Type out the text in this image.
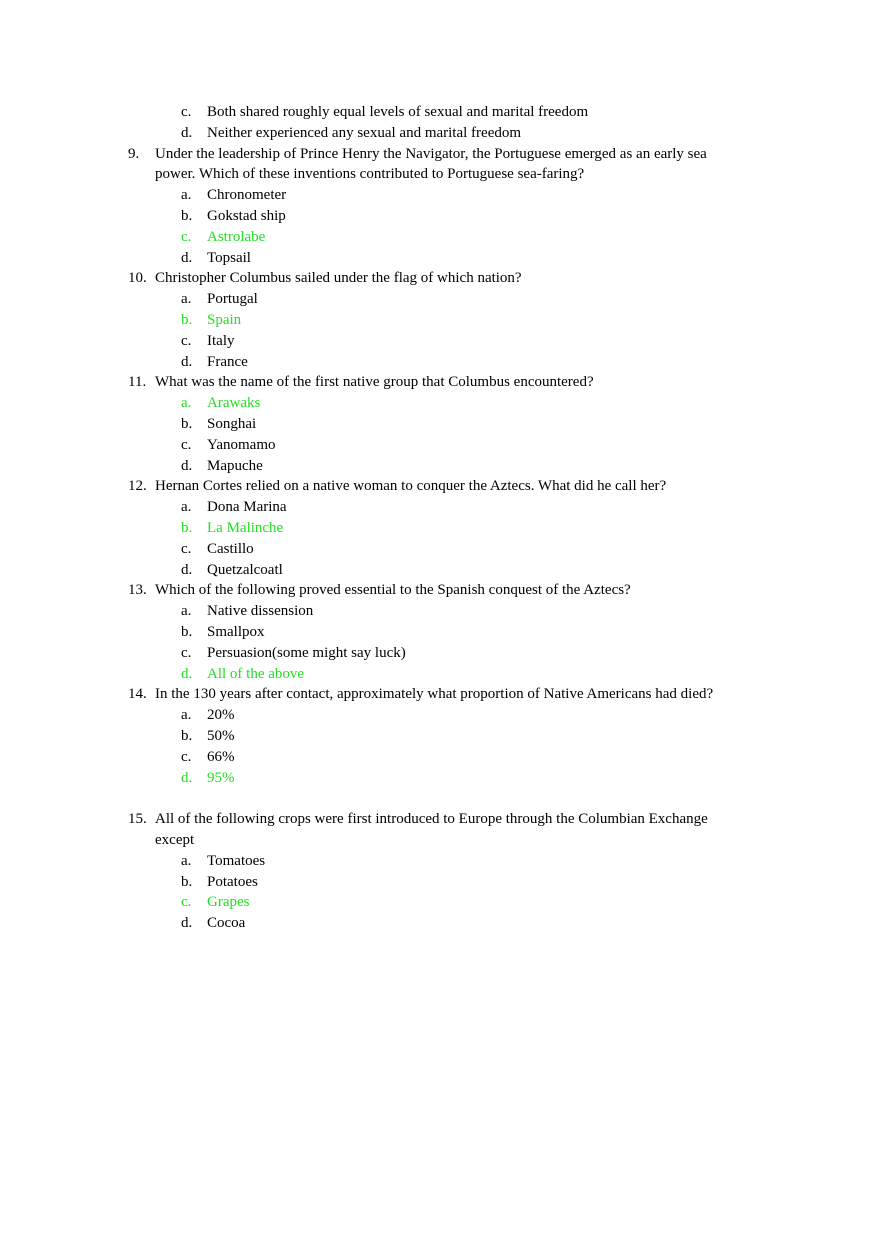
c. Both shared roughly equal levels of sexual and marital freedom
d. Neither experienced any sexual and marital freedom
9. Under the leadership of Prince Henry the Navigator, the Portuguese emerged as an early sea
power. Which of these inventions contributed to Portuguese sea-faring?
a. Chronometer
b. Gokstad ship
c. Astrolabe
d. Topsail
10. Christopher Columbus sailed under the flag of which nation?
a. Portugal
b. Spain
c. Italy
d. France
11. What was the name of the first native group that Columbus encountered?
a. Arawaks
b. Songhai
c. Yanomamo
d. Mapuche
12. Hernan Cortes relied on a native woman to conquer the Aztecs. What did he call her?
a. Dona Marina
b. La Malinche
c. Castillo
d. Quetzalcoatl
13. Which of the following proved essential to the Spanish conquest of the Aztecs?
a. Native dissension
b. Smallpox
c. Persuasion(some might say luck)
d. All of the above
14. In the 130 years after contact, approximately what proportion of Native Americans had died?
a. 20%
b. 50%
c. 66%
d. 95%
15. All of the following crops were first introduced to Europe through the Columbian Exchange
except
a. Tomatoes
b. Potatoes
c. Grapes
d. Cocoa
